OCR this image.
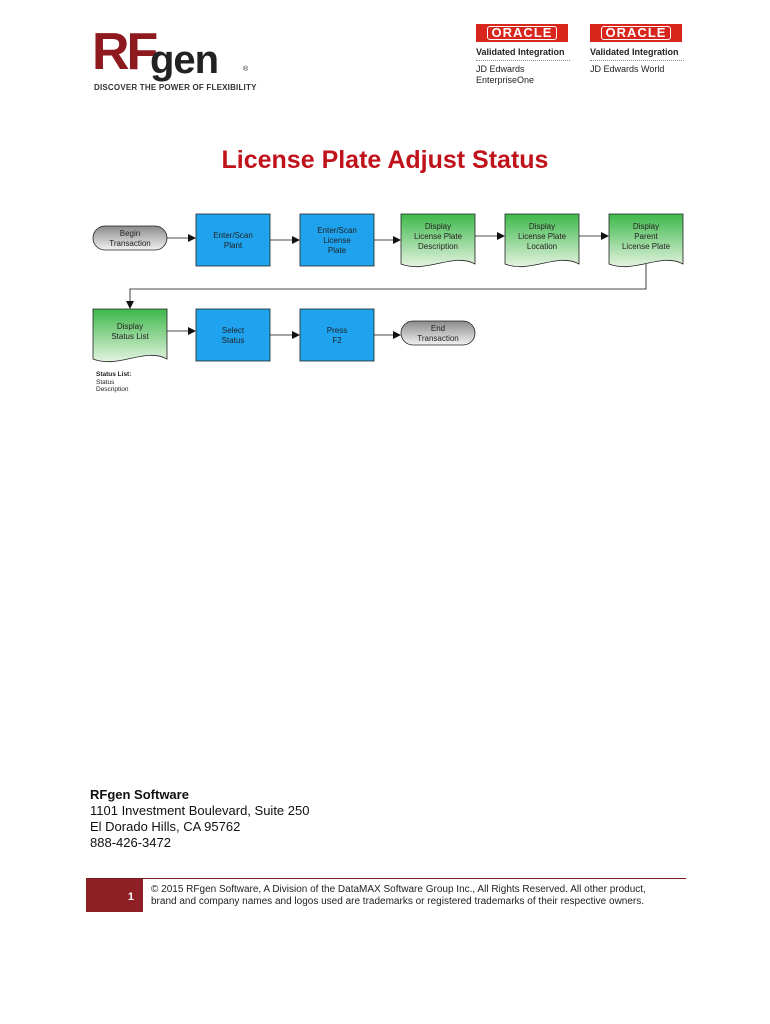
RF
gen	®
DISCOVER THE POWER OF FLEXIBILITY
ORACLE
Validated Integration
JD Edwards
EnterpriseOne
ORACLE
Validated Integration
JD Edwards World
License Plate Adjust Status
Begin
Transaction
Enter/Scan
Plant
Enter/Scan
License
Plate
Display
License Plate
Description
Display
License Plate
Location
Display
Parent
License Plate
Display
Status List
Select
Status
Press
F2
End
Transaction
Status List:
Status
Description
RFgen Software
1101 Investment Boulevard, Suite 250
El Dorado Hills, CA 95762
888-426-3472
1
© 2015 RFgen Software, A Division of the DataMAX Software Group Inc., All Rights Reserved. All other product, brand and company names and logos used are trademarks or registered trademarks of their respective owners.
